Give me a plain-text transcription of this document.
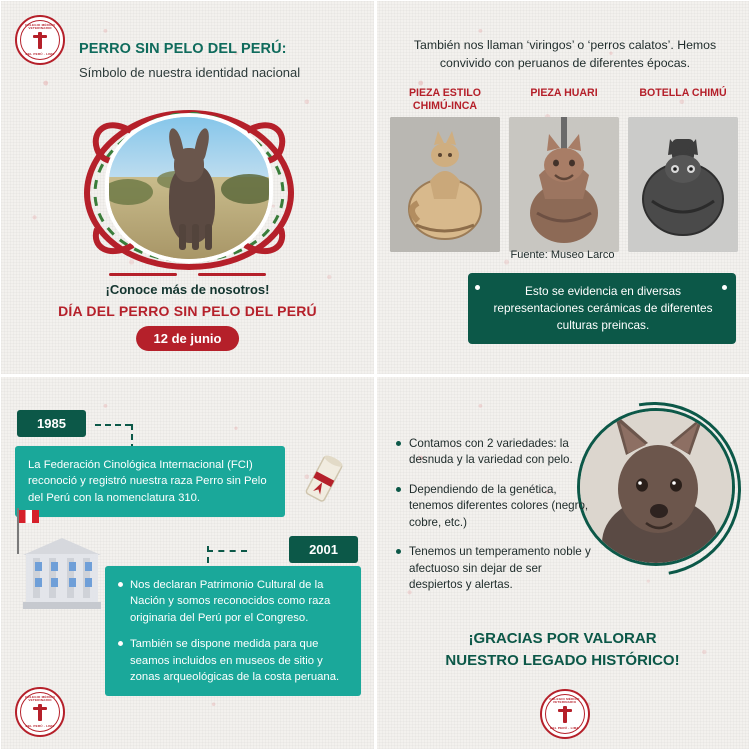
COLEGIO MÉDICO VETERINARIO
DEL PERÚ · LIMA	PERRO SIN PELO DEL PERÚ:
Símbolo de nuestra identidad nacional
¡Conoce más de nosotros!
DÍA DEL PERRO SIN PELO DEL PERÚ
12 de junio
También nos llaman ‘viringos’ o ‘perros calatos’. Hemos convivido con peruanos de diferentes épocas.
PIEZA ESTILO CHIMÚ-INCA
PIEZA HUARI	BOTELLA CHIMÚ
Fuente: Museo Larco
Esto se evidencia en diversas representaciones cerámicas de diferentes culturas preincas.
1985
La Federación Cinológica Internacional (FCI) reconoció y registró nuestra raza Perro sin Pelo del Perú con la nomenclatura 310.
2001
Nos declaran Patrimonio Cultural de la Nación y somos reconocidos como raza originaria del Perú por el Congreso.
También se dispone medida para que seamos incluidos en museos de sitio y zonas arqueológicas de la costa peruana.
COLEGIO MÉDICO VETERINARIO
DEL PERÚ · LIMA
Contamos con 2 variedades: la desnuda y la variedad con pelo.
Dependiendo de la genética, tenemos diferentes colores (negro, cobre, etc.)
Tenemos un temperamento noble y afectuoso sin dejar de ser despiertos y alertas.
¡GRACIAS POR VALORAR
NUESTRO LEGADO HISTÓRICO!
COLEGIO MÉDICO VETERINARIO
DEL PERÚ · LIMA
